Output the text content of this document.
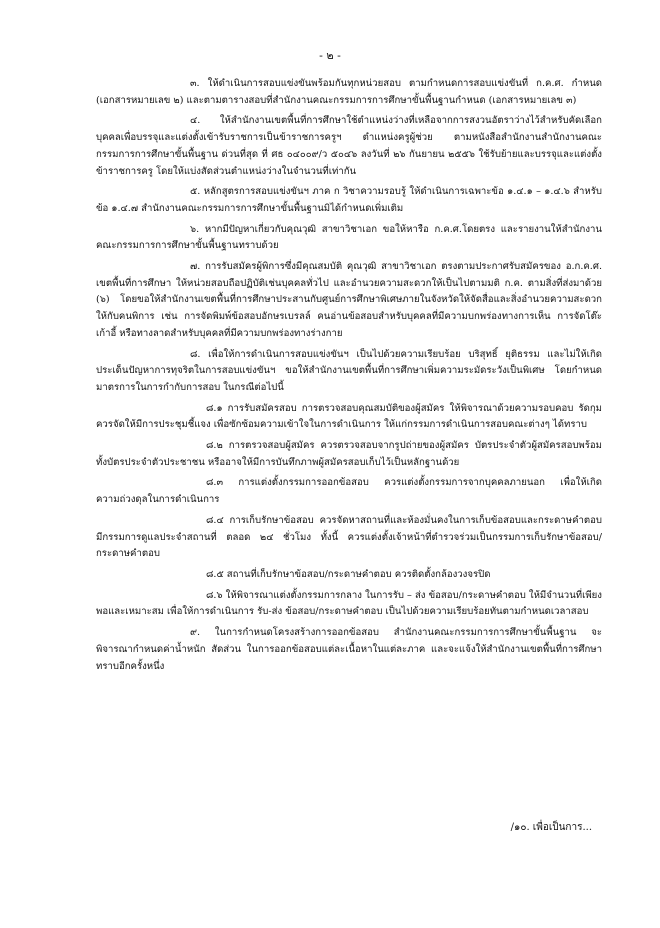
- ๒ -

๓. ให้ดำเนินการสอบแข่งขันพร้อมกันทุกหน่วยสอบ ตามกำหนดการสอบแข่งขันที่ ก.ค.ศ. กำหนด (เอกสารหมายเลข ๒) และตามตารางสอบที่สำนักงานคณะกรรมการการศึกษาขั้นพื้นฐานกำหนด (เอกสารหมายเลข ๓)

๔. ให้สำนักงานเขตพื้นที่การศึกษาใช้ตำแหน่งว่างที่เหลือจากการสงวนอัตราว่างไว้สำหรับคัดเลือกบุคคลเพื่อบรรจุและแต่งตั้งเข้ารับราชการเป็นข้าราชการครูฯ ตำแหน่งครูผู้ช่วย ตามหนังสือสำนักงานสำนักงานคณะกรรมการการศึกษาขั้นพื้นฐาน ด่วนที่สุด ที่ ศธ ๐๔๐๐๙/ว ๕๐๔๖ ลงวันที่ ๒๖ กันยายน ๒๕๕๖ ใช้รับย้ายและบรรจุและแต่งตั้งข้าราชการครู โดยให้แบ่งสัดส่วนตำแหน่งว่างในจำนวนที่เท่ากัน

๕. หลักสูตรการสอบแข่งขันฯ ภาค ก วิชาความรอบรู้ ให้ดำเนินการเฉพาะข้อ ๑.๔.๑ – ๑.๔.๖ สำหรับข้อ ๑.๔.๗ สำนักงานคณะกรรมการการศึกษาขั้นพื้นฐานมิได้กำหนดเพิ่มเติม

๖. หากมีปัญหาเกี่ยวกับคุณวุฒิ สาขาวิชาเอก ขอให้หารือ ก.ค.ศ.โดยตรง และรายงานให้สำนักงานคณะกรรมการการศึกษาขั้นพื้นฐานทราบด้วย

๗. การรับสมัครผู้พิการซึ่งมีคุณสมบัติ คุณวุฒิ สาขาวิชาเอก ตรงตามประกาศรับสมัครของ อ.ก.ค.ศ. เขตพื้นที่การศึกษา ให้หน่วยสอบถือปฏิบัติเช่นบุคคลทั่วไป และอำนวยความสะดวกให้เป็นไปตามมติ ก.ค. ตามสิ่งที่ส่งมาด้วย (๖) โดยขอให้สำนักงานเขตพื้นที่การศึกษาประสานกับศูนย์การศึกษาพิเศษภายในจังหวัดให้จัดสื่อและสิ่งอำนวยความสะดวกให้กับคนพิการ เช่น การจัดพิมพ์ข้อสอบอักษรเบรลล์ คนอ่านข้อสอบสำหรับบุคคลที่มีความบกพร่องทางการเห็น การจัดโต๊ะ เก้าอี้ หรือทางลาดสำหรับบุคคลที่มีความบกพร่องทางร่างกาย

๘. เพื่อให้การดำเนินการสอบแข่งขันฯ เป็นไปด้วยความเรียบร้อย บริสุทธิ์ ยุติธรรม และไม่ให้เกิดประเด็นปัญหาการทุจริตในการสอบแข่งขันฯ ขอให้สำนักงานเขตพื้นที่การศึกษาเพิ่มความระมัดระวังเป็นพิเศษ โดยกำหนดมาตรการในการกำกับการสอบ ในกรณีต่อไปนี้

๘.๑ การรับสมัครสอบ การตรวจสอบคุณสมบัติของผู้สมัคร ให้พิจารณาด้วยความรอบคอบ รัดกุม ควรจัดให้มีการประชุมชี้แจง เพื่อซักซ้อมความเข้าใจในการดำเนินการ ให้แก่กรรมการดำเนินการสอบคณะต่างๆ ได้ทราบ

๘.๒ การตรวจสอบผู้สมัคร ควรตรวจสอบจากรูปถ่ายของผู้สมัคร บัตรประจำตัวผู้สมัครสอบพร้อมทั้งบัตรประจำตัวประชาชน หรืออาจให้มีการบันทึกภาพผู้สมัครสอบเก็บไว้เป็นหลักฐานด้วย

๘.๓ การแต่งตั้งกรรมการออกข้อสอบ ควรแต่งตั้งกรรมการจากบุคคลภายนอก เพื่อให้เกิดความถ่วงดุลในการดำเนินการ

๘.๔ การเก็บรักษาข้อสอบ ควรจัดหาสถานที่และห้องมั่นคงในการเก็บข้อสอบและกระดาษคำตอบ มีกรรมการดูแลประจำสถานที่ ตลอด ๒๔ ชั่วโมง ทั้งนี้ ควรแต่งตั้งเจ้าหน้าที่ตำรวจร่วมเป็นกรรมการเก็บรักษาข้อสอบ/กระดาษคำตอบ

๘.๕ สถานที่เก็บรักษาข้อสอบ/กระดาษคำตอบ ควรติดตั้งกล้องวงจรปิด

๘.๖ ให้พิจารณาแต่งตั้งกรรมการกลาง ในการรับ – ส่ง ข้อสอบ/กระดาษคำตอบ ให้มีจำนวนที่เพียงพอและเหมาะสม เพื่อให้การดำเนินการ รับ-ส่ง ข้อสอบ/กระดาษคำตอบ เป็นไปด้วยความเรียบร้อยทันตามกำหนดเวลาสอบ

๙. ในการกำหนดโครงสร้างการออกข้อสอบ สำนักงานคณะกรรมการการศึกษาขั้นพื้นฐาน จะพิจารณากำหนดค่าน้ำหนัก สัดส่วน ในการออกข้อสอบแต่ละเนื้อหาในแต่ละภาค และจะแจ้งให้สำนักงานเขตพื้นที่การศึกษาทราบอีกครั้งหนึ่ง

/๑๐. เพื่อเป็นการ...
